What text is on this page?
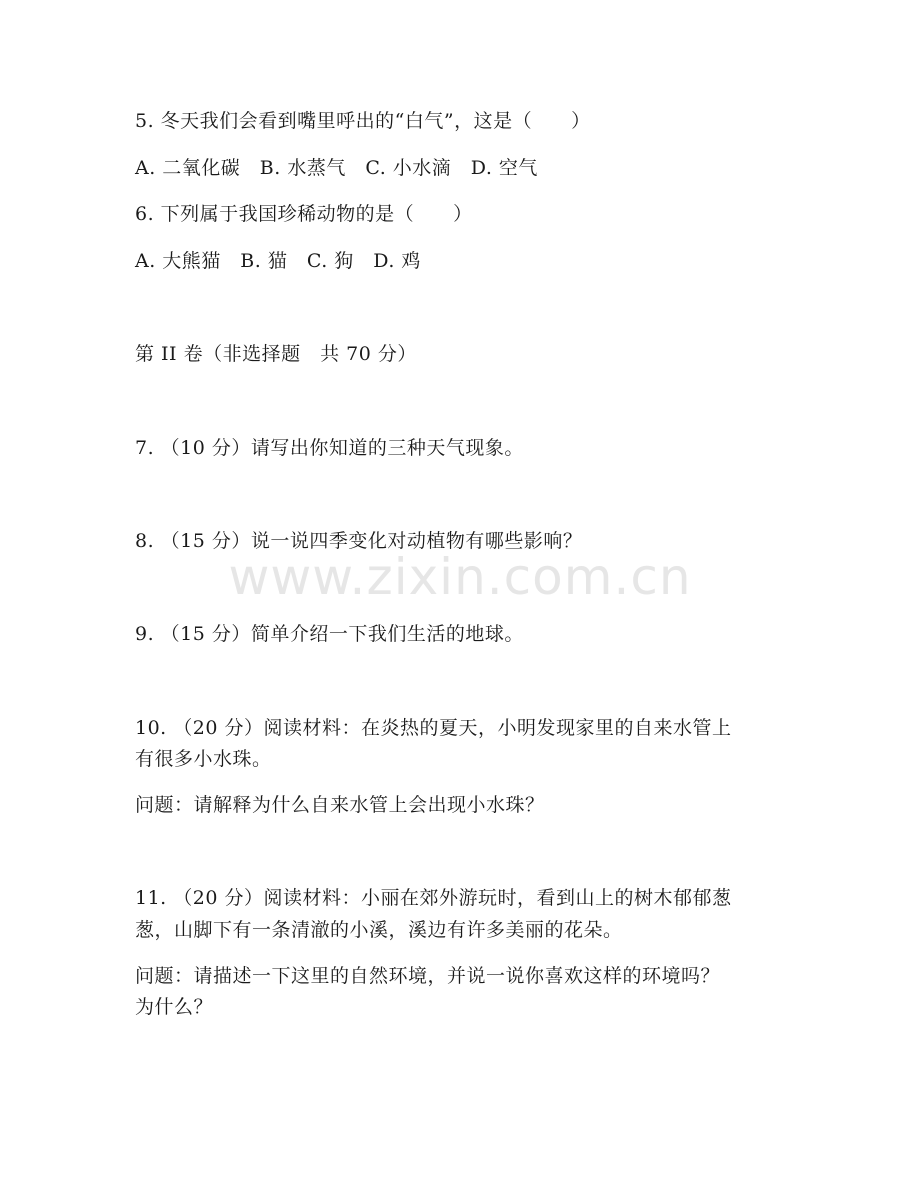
5. 冬天我们会看到嘴里呼出的“白气”，这是（　　）
A. 二氧化碳　B. 水蒸气　C. 小水滴　D. 空气
6. 下列属于我国珍稀动物的是（　　）
A. 大熊猫　B. 猫　C. 狗　D. 鸡
第 II 卷（非选择题　共 70 分）
7. （10 分）请写出你知道的三种天气现象。
8. （15 分）说一说四季变化对动植物有哪些影响？
www.zixin.com.cn
9. （15 分）简单介绍一下我们生活的地球。
10. （20 分）阅读材料：在炎热的夏天，小明发现家里的自来水管上
有很多小水珠。
问题：请解释为什么自来水管上会出现小水珠？
11. （20 分）阅读材料：小丽在郊外游玩时，看到山上的树木郁郁葱
葱，山脚下有一条清澈的小溪，溪边有许多美丽的花朵。
问题：请描述一下这里的自然环境，并说一说你喜欢这样的环境吗？
为什么？
